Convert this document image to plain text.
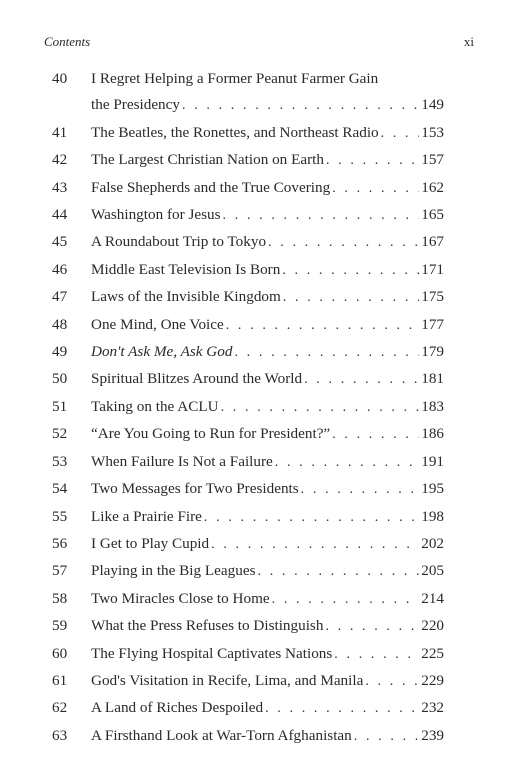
Contents	xi
40	I Regret Helping a Former Peanut Farmer Gain
the Presidency . . .	149
41	The Beatles, the Ronettes, and Northeast Radio . . .	153
42	The Largest Christian Nation on Earth . . .	157
43	False Shepherds and the True Covering . . .	162
44	Washington for Jesus . . .	165
45	A Roundabout Trip to Tokyo . . .	167
46	Middle East Television Is Born . . .	171
47	Laws of the Invisible Kingdom . . .	175
48	One Mind, One Voice . . .	177
49	Don't Ask Me, Ask God . . .	179
50	Spiritual Blitzes Around the World . . .	181
51	Taking on the ACLU . . .	183
52	“Are You Going to Run for President?” . . .	186
53	When Failure Is Not a Failure . . .	191
54	Two Messages for Two Presidents . . .	195
55	Like a Prairie Fire . . .	198
56	I Get to Play Cupid . . .	202
57	Playing in the Big Leagues . . .	205
58	Two Miracles Close to Home . . .	214
59	What the Press Refuses to Distinguish . . .	220
60	The Flying Hospital Captivates Nations . . .	225
61	God's Visitation in Recife, Lima, and Manila . . .	229
62	A Land of Riches Despoiled . . .	232
63	A Firsthand Look at War-Torn Afghanistan . . .	239
